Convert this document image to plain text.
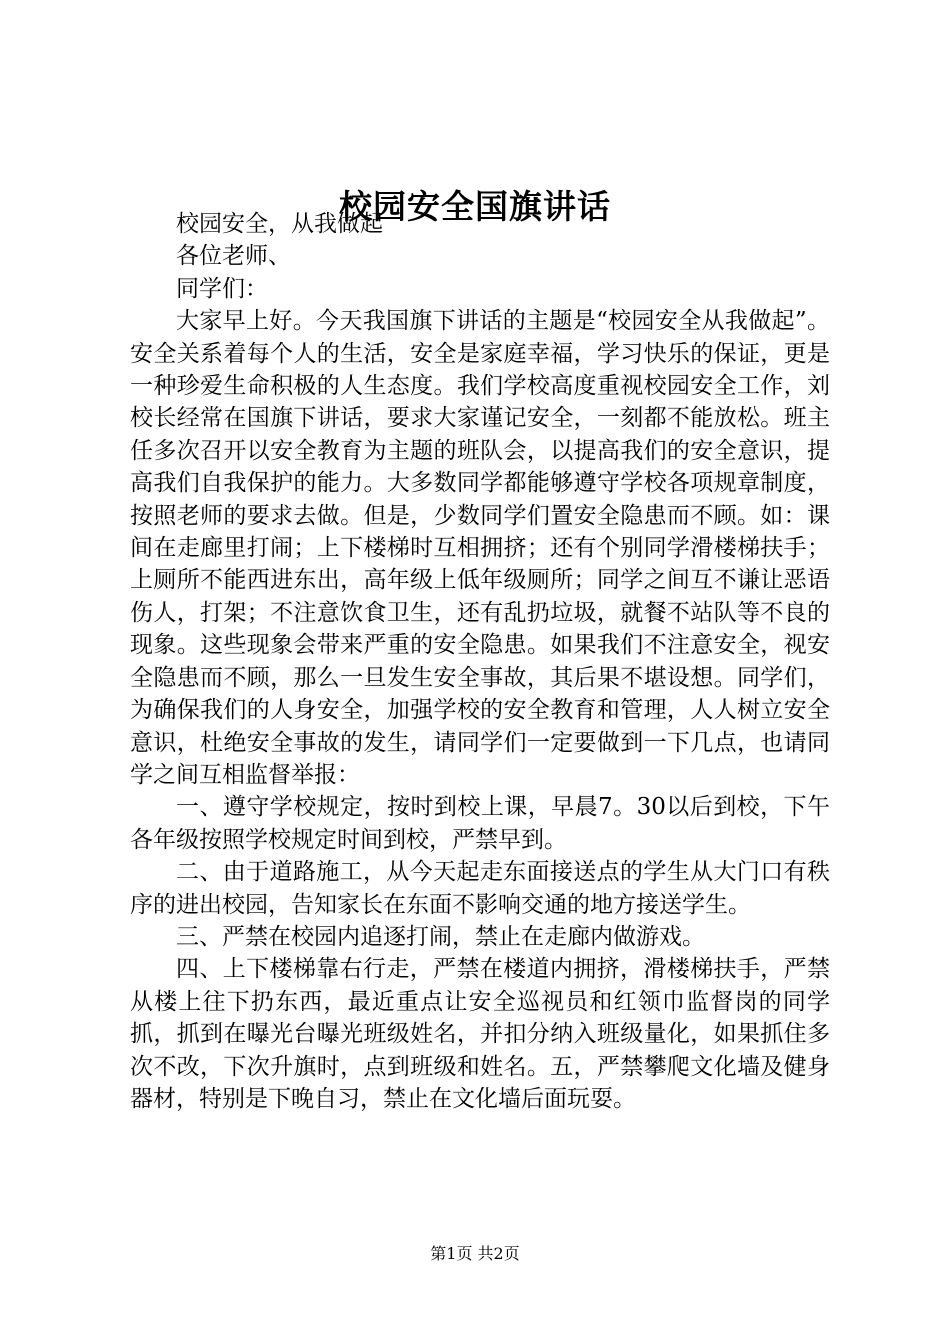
校园安全国旗讲话

校园安全，从我做起

各位老师、

同学们：

大家早上好。今天我国旗下讲话的主题是“校园安全从我做起”。安全关系着每个人的生活，安全是家庭幸福，学习快乐的保证，更是一种珍爱生命积极的人生态度。我们学校高度重视校园安全工作，刘校长经常在国旗下讲话，要求大家谨记安全，一刻都不能放松。班主任多次召开以安全教育为主题的班队会，以提高我们的安全意识，提高我们自我保护的能力。大多数同学都能够遵守学校各项规章制度，按照老师的要求去做。但是，少数同学们置安全隐患而不顾。如：课间在走廊里打闹；上下楼梯时互相拥挤；还有个别同学滑楼梯扶手；上厕所不能西进东出，高年级上低年级厕所；同学之间互不谦让恶语伤人，打架；不注意饮食卫生，还有乱扔垃圾，就餐不站队等不良的现象。这些现象会带来严重的安全隐患。如果我们不注意安全，视安全隐患而不顾，那么一旦发生安全事故，其后果不堪设想。同学们，为确保我们的人身安全，加强学校的安全教育和管理，人人树立安全意识，杜绝安全事故的发生，请同学们一定要做到一下几点，也请同学之间互相监督举报：

一、遵守学校规定，按时到校上课，早晨7。30以后到校，下午各年级按照学校规定时间到校，严禁早到。

二、由于道路施工，从今天起走东面接送点的学生从大门口有秩序的进出校园，告知家长在东面不影响交通的地方接送学生。

三、严禁在校园内追逐打闹，禁止在走廊内做游戏。

四、上下楼梯靠右行走，严禁在楼道内拥挤，滑楼梯扶手，严禁从楼上往下扔东西，最近重点让安全巡视员和红领巾监督岗的同学抓，抓到在曝光台曝光班级姓名，并扣分纳入班级量化，如果抓住多次不改，下次升旗时，点到班级和姓名。五，严禁攀爬文化墙及健身器材，特别是下晚自习，禁止在文化墙后面玩耍。

第1页 共2页
